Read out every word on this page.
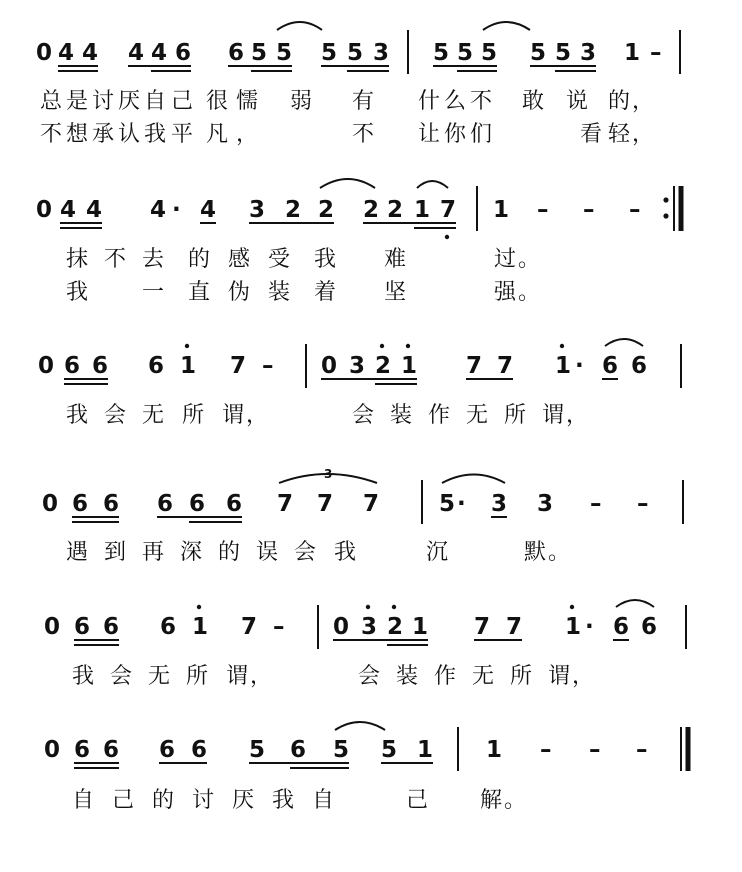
0 4 4 4 4 6 6 5 5 5 5 3 5 5 5 5 5 3 1 –
总 是 讨 厌 自 己 很 懦 弱 有 什 么 不 敢 说 的 ，
不 想 承 认 我 平 凡 ，	不 让 你 们	看 轻 ，
0 4 4 4 · 4 3 2 2 2 2 1 7 1 – – –
抹 不 去 的 感 受 我 难	过 。
我 一 直 伪 装 着 坚	强 。
0 6 6 6 1 7 – 0 3 2 1 7 7 1 · 6 6
我 会 无 所 谓 ，	会 装 作 无 所 谓 ，
0 6 6 6 6 6 7 7 7	5 · 3 3 – –
3
遇 到 再 深 的 误 会 我	沉	默 。
0 6 6 6 1 7 – 0 3 2 1 7 7 1 · 6 6
我 会 无 所 谓 ，	会 装 作 无 所 谓 ，
0 6 6 6 6 5 6 5 5 1 1 – – –
自 己 的 讨 厌 我 自	己 解 。
